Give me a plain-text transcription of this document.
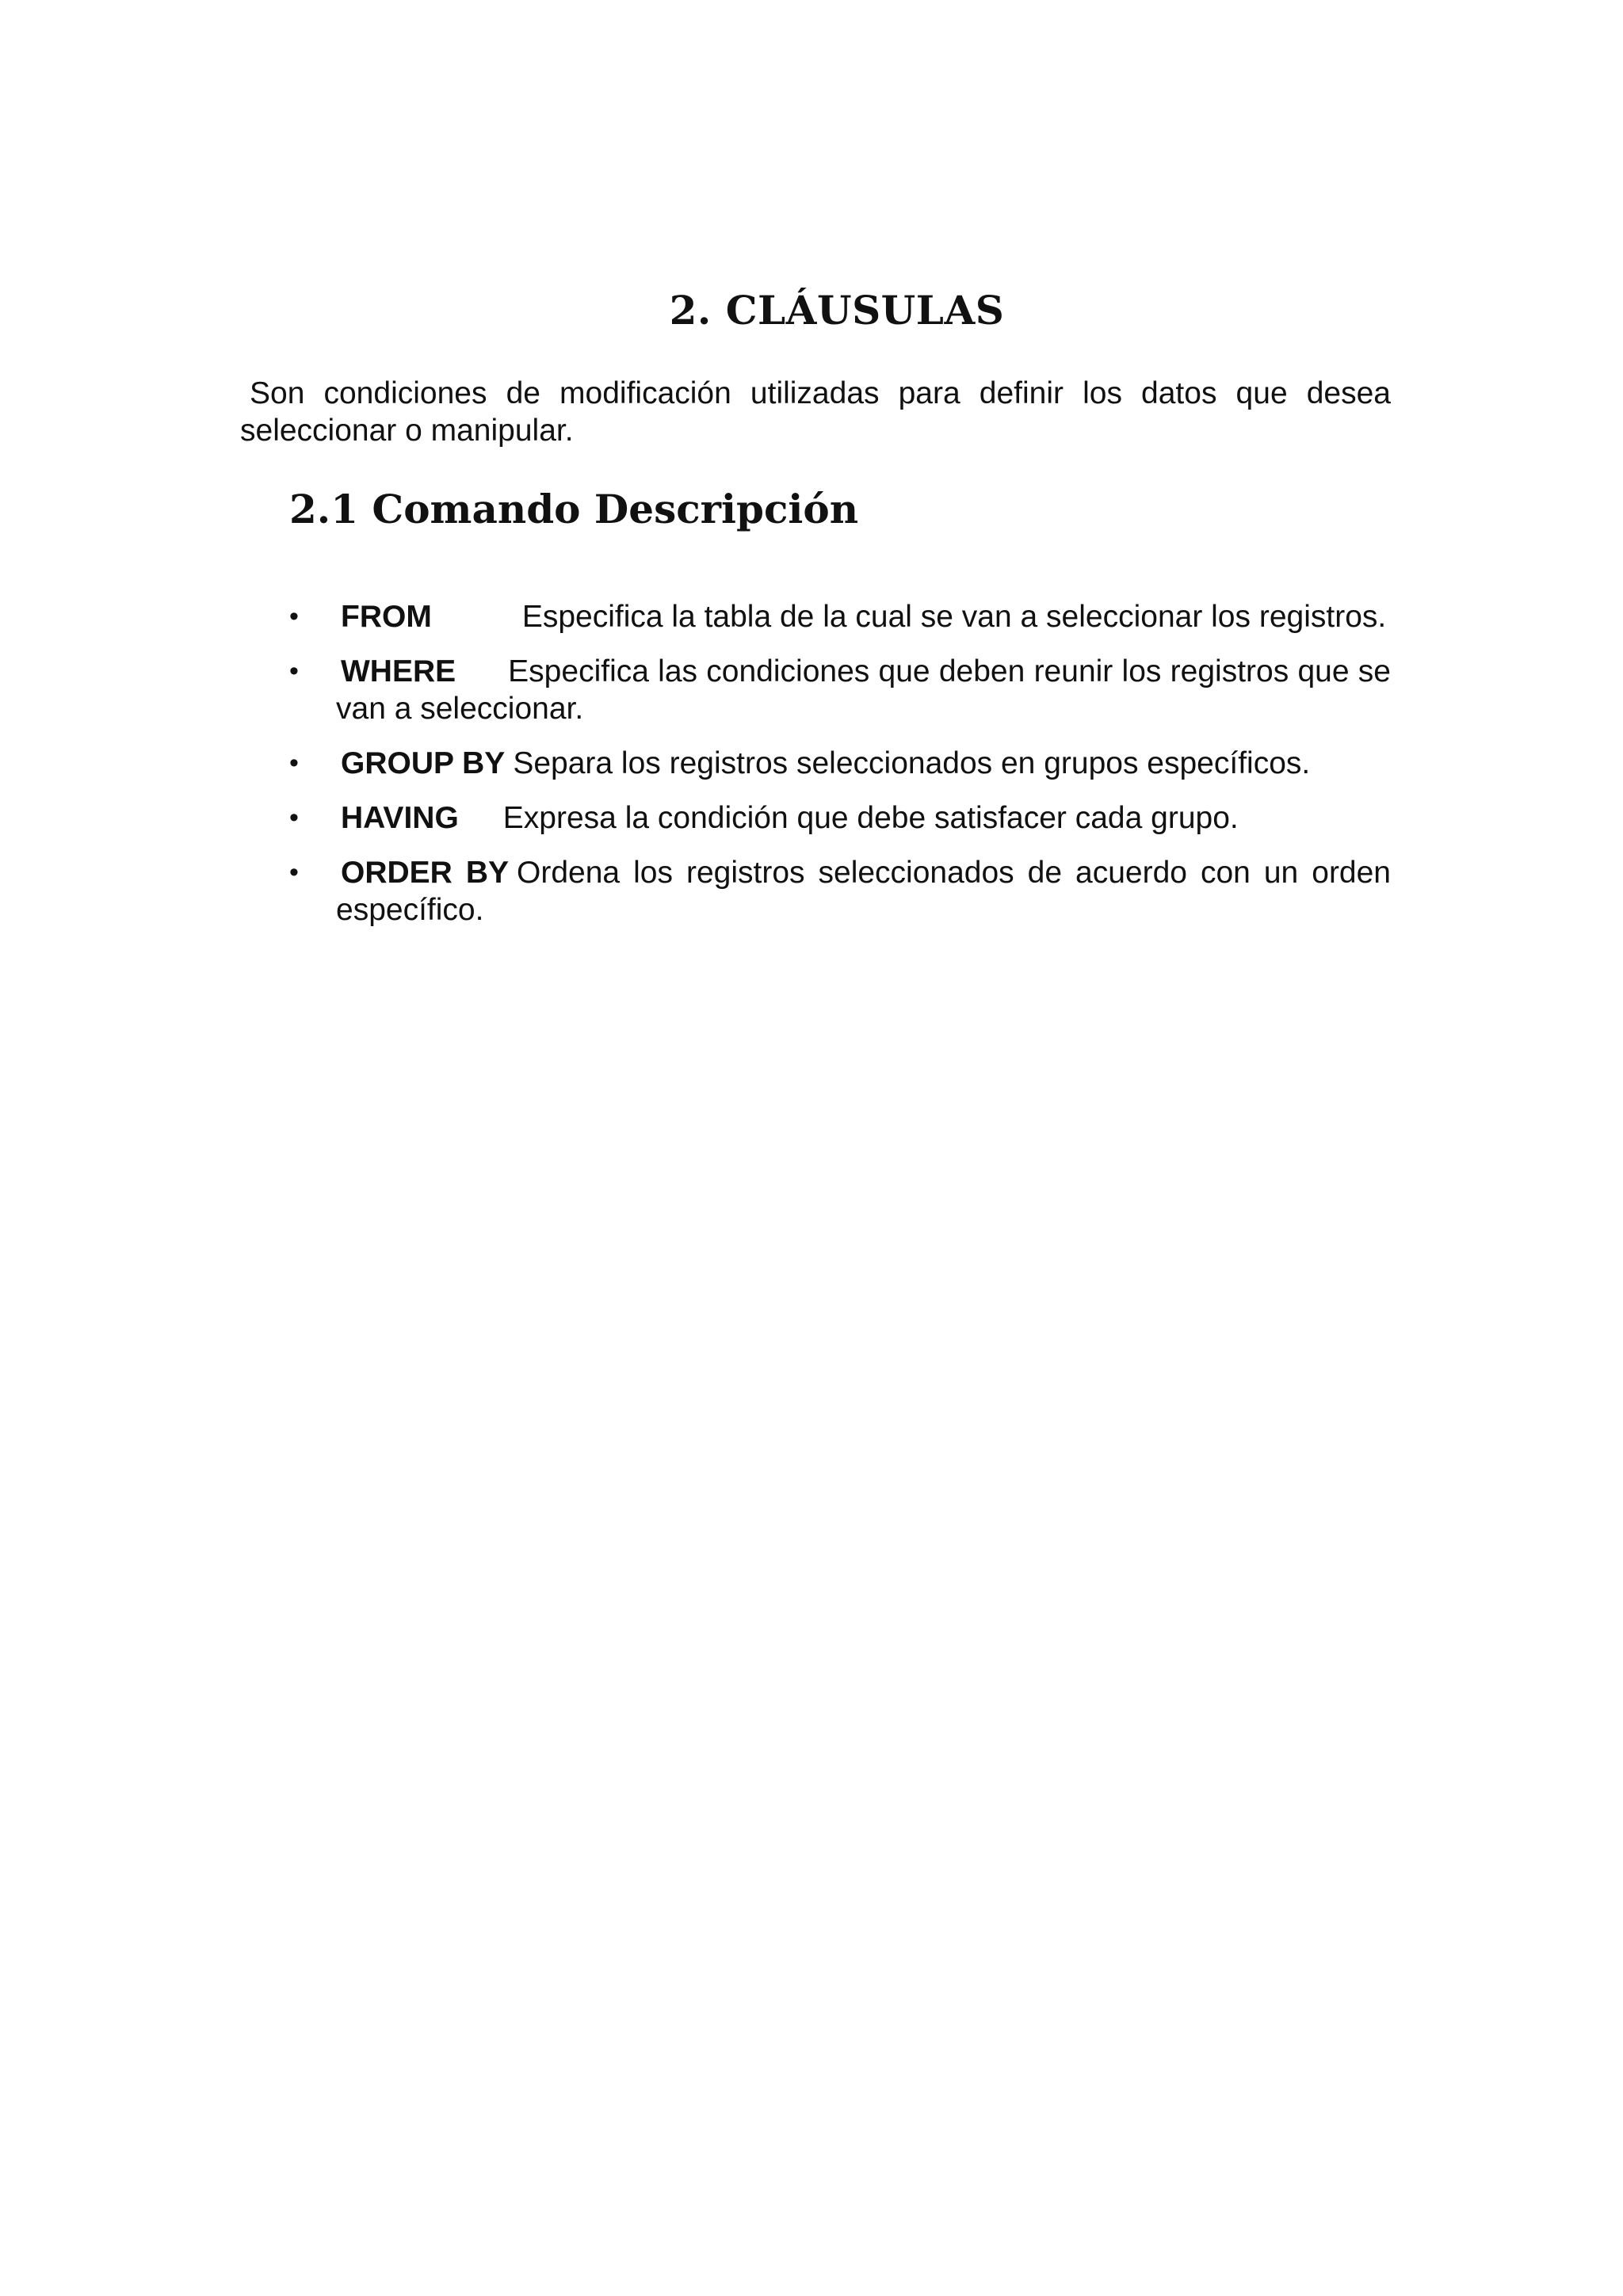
2. CLÁUSULAS

Son condiciones de modificación utilizadas para definir los datos que desea seleccionar o manipular.

2.1 Comando Descripción
•	FROM	Especifica la tabla de la cual se van a seleccionar los registros.
•	WHERE Especifica las condiciones que deben reunir los registros que se van a seleccionar.
•	GROUP BY Separa los registros seleccionados en grupos específicos.
•	HAVING Expresa la condición que debe satisfacer cada grupo.
•	ORDER BY Ordena los registros seleccionados de acuerdo con un orden específico.
